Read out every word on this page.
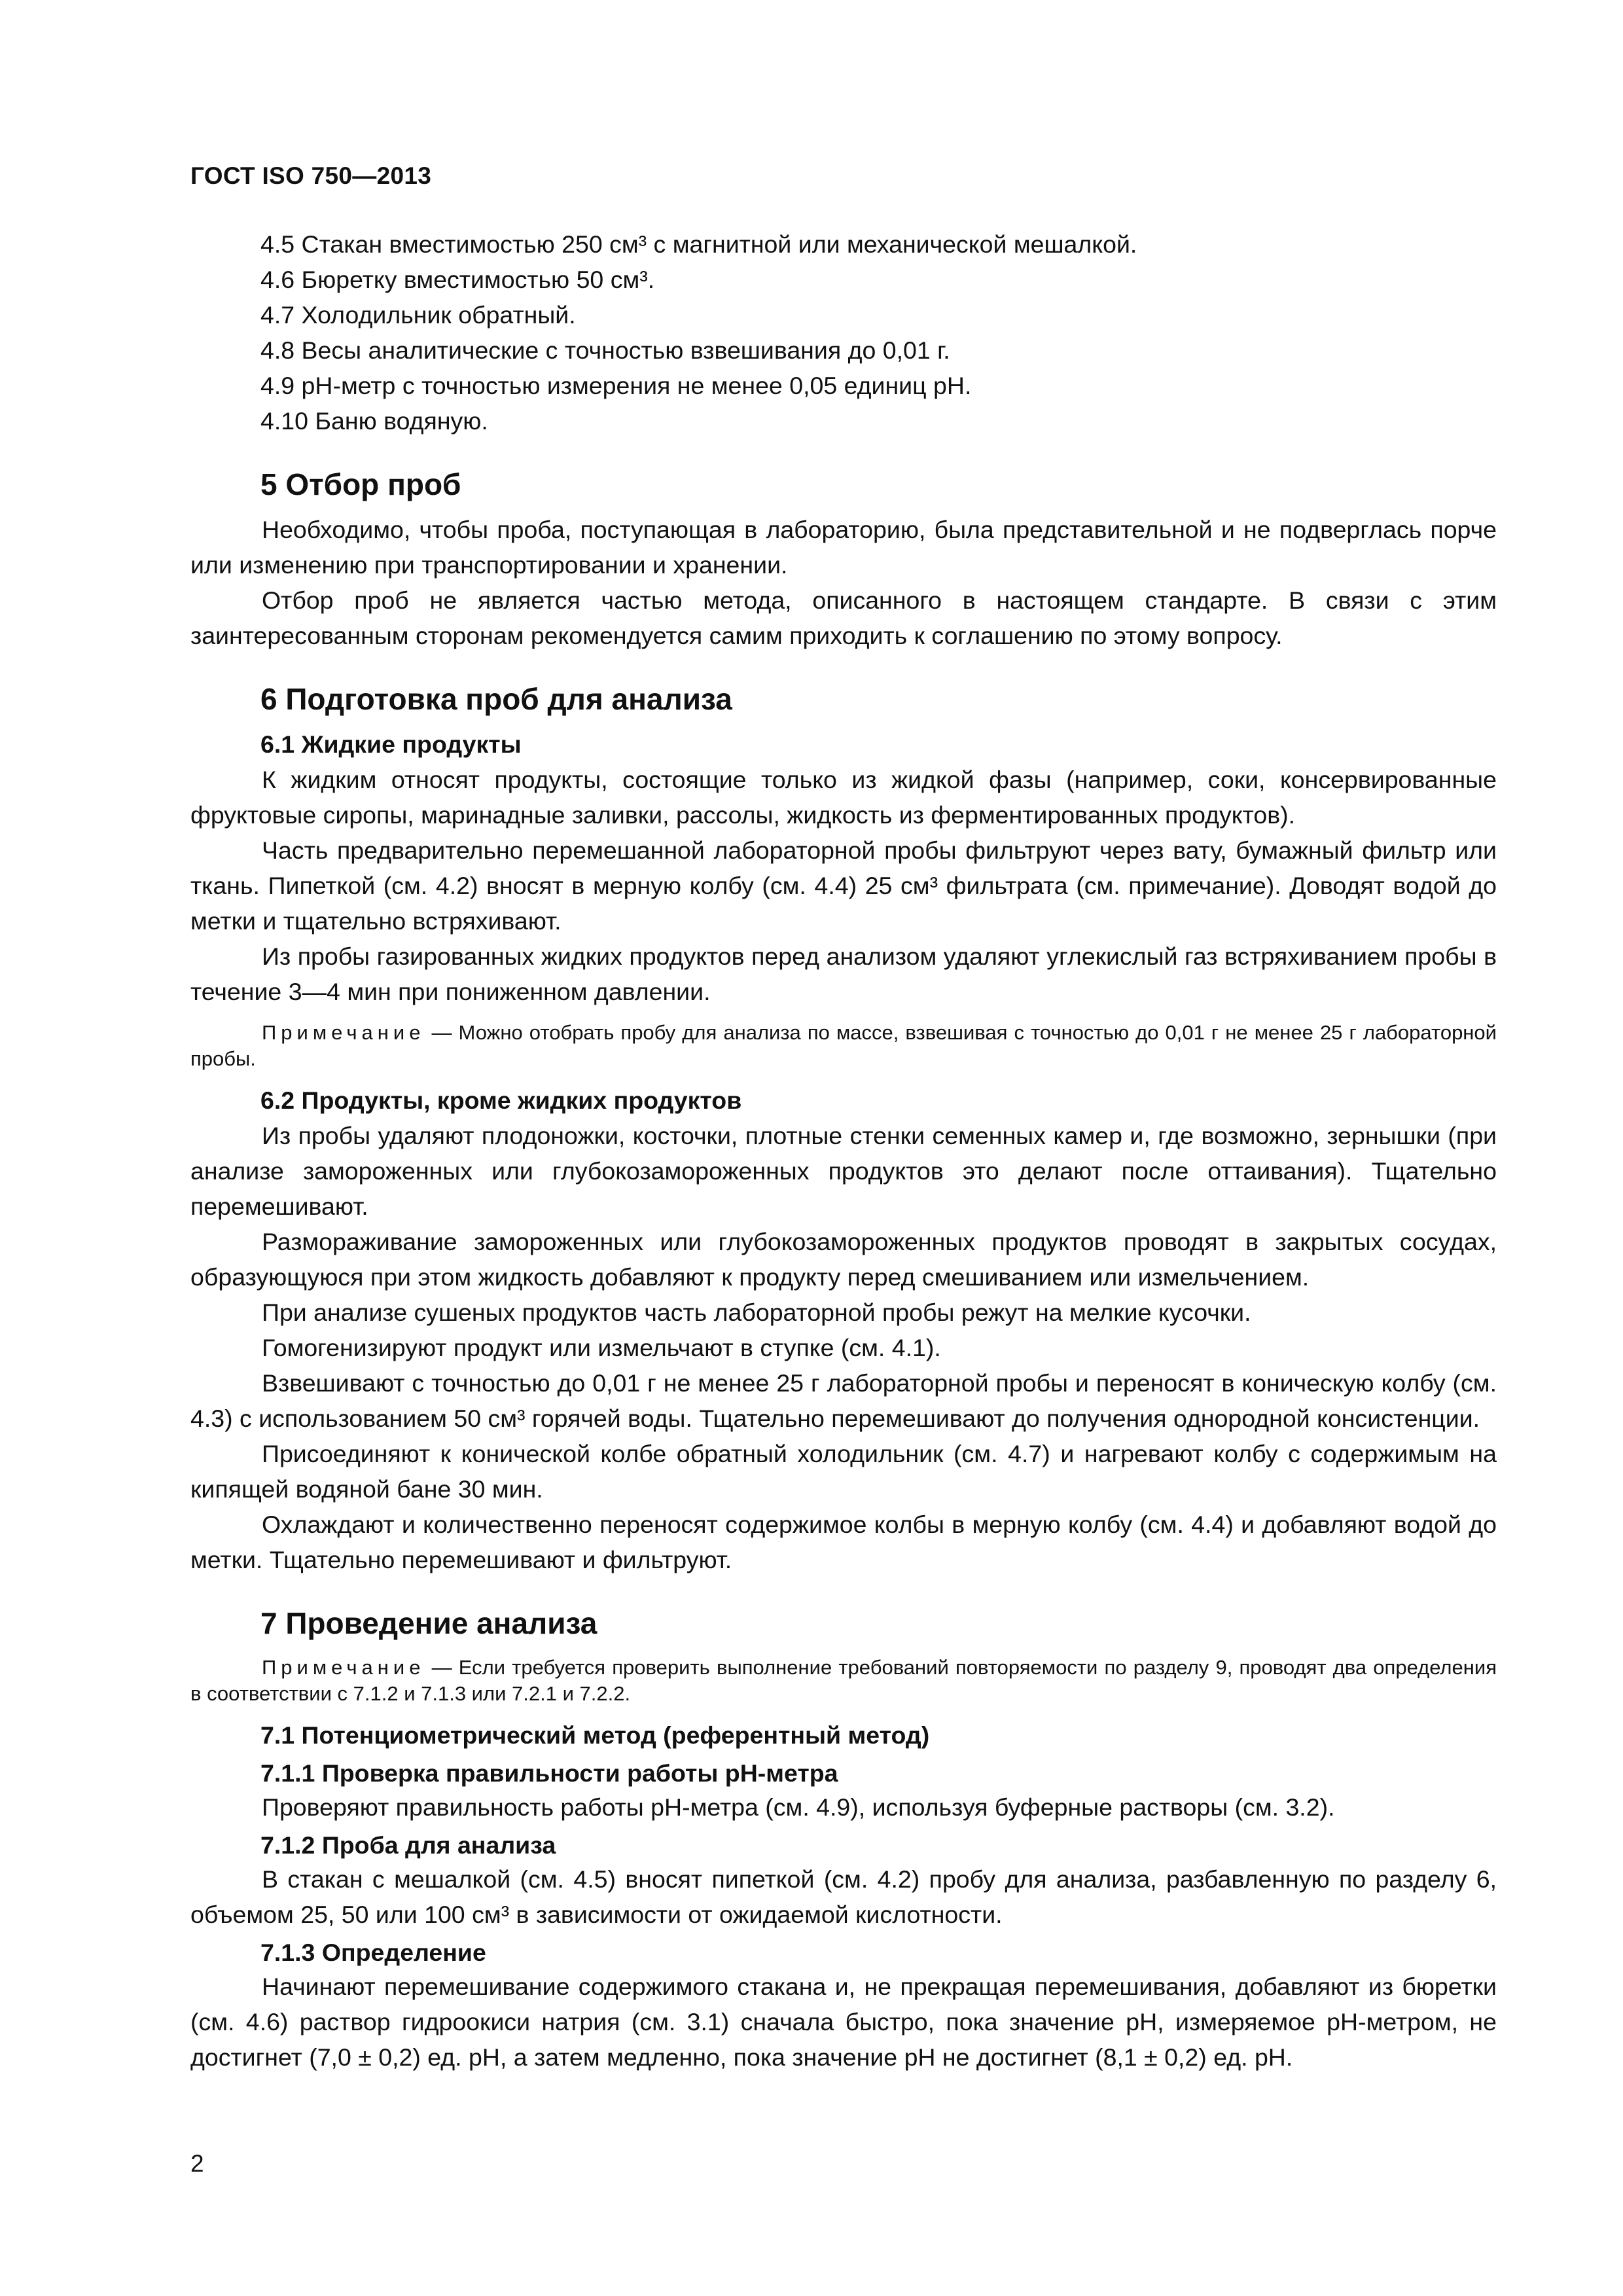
ГОСТ ISO 750—2013

4.5 Стакан вместимостью 250 см³ с магнитной или механической мешалкой.

4.6 Бюретку вместимостью 50 см³.

4.7 Холодильник обратный.

4.8 Весы аналитические с точностью взвешивания до 0,01 г.

4.9 pH-метр с точностью измерения не менее 0,05 единиц pH.

4.10 Баню водяную.

5 Отбор проб

Необходимо, чтобы проба, поступающая в лабораторию, была представительной и не подверглась порче или изменению при транспортировании и хранении.

Отбор проб не является частью метода, описанного в настоящем стандарте. В связи с этим заинтересованным сторонам рекомендуется самим приходить к соглашению по этому вопросу.

6 Подготовка проб для анализа

6.1 Жидкие продукты

К жидким относят продукты, состоящие только из жидкой фазы (например, соки, консервированные фруктовые сиропы, маринадные заливки, рассолы, жидкость из ферментированных продуктов).

Часть предварительно перемешанной лабораторной пробы фильтруют через вату, бумажный фильтр или ткань. Пипеткой (см. 4.2) вносят в мерную колбу (см. 4.4) 25 см³ фильтрата (см. примечание). Доводят водой до метки и тщательно встряхивают.

Из пробы газированных жидких продуктов перед анализом удаляют углекислый газ встряхиванием пробы в течение 3—4 мин при пониженном давлении.

Примечание — Можно отобрать пробу для анализа по массе, взвешивая с точностью до 0,01 г не менее 25 г лабораторной пробы.

6.2 Продукты, кроме жидких продуктов

Из пробы удаляют плодоножки, косточки, плотные стенки семенных камер и, где возможно, зернышки (при анализе замороженных или глубокозамороженных продуктов это делают после оттаивания). Тщательно перемешивают.

Размораживание замороженных или глубокозамороженных продуктов проводят в закрытых сосудах, образующуюся при этом жидкость добавляют к продукту перед смешиванием или измельчением.

При анализе сушеных продуктов часть лабораторной пробы режут на мелкие кусочки.

Гомогенизируют продукт или измельчают в ступке (см. 4.1).

Взвешивают с точностью до 0,01 г не менее 25 г лабораторной пробы и переносят в коническую колбу (см. 4.3) с использованием 50 см³ горячей воды. Тщательно перемешивают до получения однородной консистенции.

Присоединяют к конической колбе обратный холодильник (см. 4.7) и нагревают колбу с содержимым на кипящей водяной бане 30 мин.

Охлаждают и количественно переносят содержимое колбы в мерную колбу (см. 4.4) и добавляют водой до метки. Тщательно перемешивают и фильтруют.

7 Проведение анализа

Примечание — Если требуется проверить выполнение требований повторяемости по разделу 9, проводят два определения в соответствии с 7.1.2 и 7.1.3 или 7.2.1 и 7.2.2.

7.1 Потенциометрический метод (референтный метод)

7.1.1 Проверка правильности работы pH-метра

Проверяют правильность работы pH-метра (см. 4.9), используя буферные растворы (см. 3.2).

7.1.2 Проба для анализа

В стакан с мешалкой (см. 4.5) вносят пипеткой (см. 4.2) пробу для анализа, разбавленную по разделу 6, объемом 25, 50 или 100 см³ в зависимости от ожидаемой кислотности.

7.1.3 Определение

Начинают перемешивание содержимого стакана и, не прекращая перемешивания, добавляют из бюретки (см. 4.6) раствор гидроокиси натрия (см. 3.1) сначала быстро, пока значение pH, измеряемое pH-метром, не достигнет (7,0 ± 0,2) ед. pH, а затем медленно, пока значение pH не достигнет (8,1 ± 0,2) ед. pH.

2
